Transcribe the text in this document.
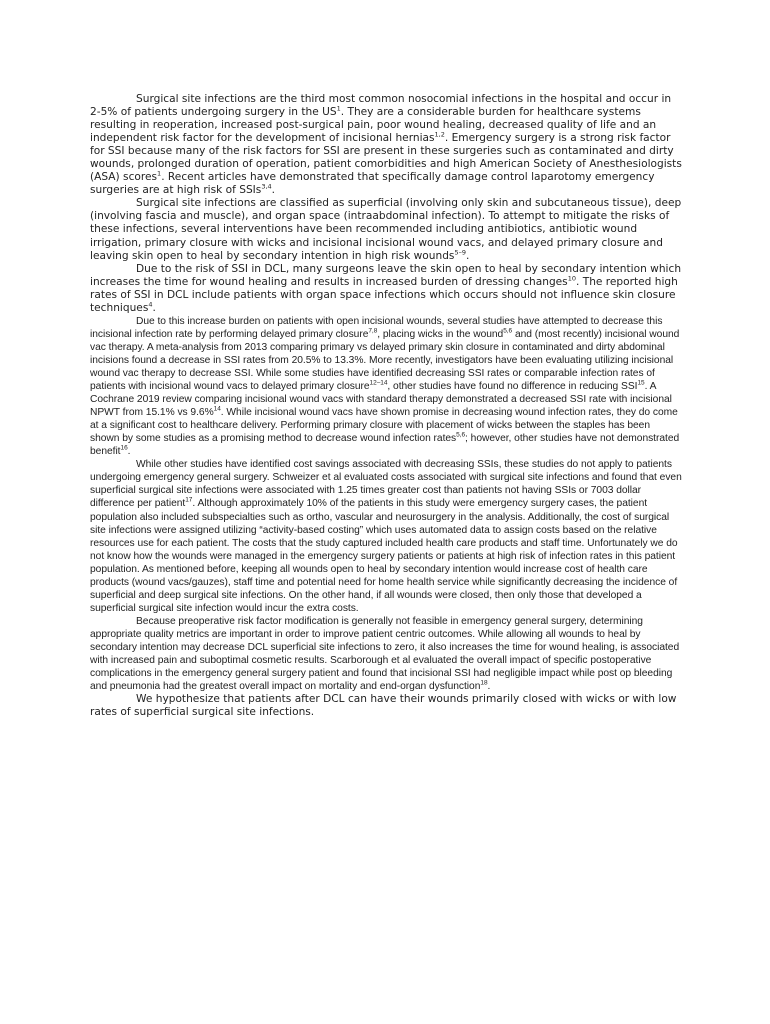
Surgical site infections are the third most common nosocomial infections in the hospital and occur in 2-5% of patients undergoing surgery in the US$^1$. They are a considerable burden for healthcare systems resulting in reoperation, increased post-surgical pain, poor wound healing, decreased quality of life and an independent risk factor for the development of incisional hernias$^{1,2}$. Emergency surgery is a strong risk factor for SSI because many of the risk factors for SSI are present in these surgeries such as contaminated and dirty wounds, prolonged duration of operation, patient comorbidities and high American Society of Anesthesiologists (ASA) scores$^1$. Recent articles have demonstrated that specifically damage control laparotomy emergency surgeries are at high risk of SSIs$^{3,4}$.

Surgical site infections are classified as superficial (involving only skin and subcutaneous tissue), deep (involving fascia and muscle), and organ space (intraabdominal infection). To attempt to mitigate the risks of these infections, several interventions have been recommended including antibiotics, antibiotic wound irrigation, primary closure with wicks and incisional incisional wound vacs, and delayed primary closure and leaving skin open to heal by secondary intention in high risk wounds$^{5-9}$.

Due to the risk of SSI in DCL, many surgeons leave the skin open to heal by secondary intention which increases the time for wound healing and results in increased burden of dressing changes$^{10}$. The reported high rates of SSI in DCL include patients with organ space infections which occurs should not influence skin closure techniques$^4$.

Due to this increase burden on patients with open incisional wounds, several studies have attempted to decrease this incisional infection rate by performing delayed primary closure$^{7,8}$, placing wicks in the wound$^{5,6}$ and (most recently) incisional wound vac therapy. A meta-analysis from 2013 comparing primary vs delayed primary skin closure in contaminated and dirty abdominal incisions found a decrease in SSI rates from 20.5% to 13.3%. More recently, investigators have been evaluating utilizing incisional wound vac therapy to decrease SSI. While some studies have identified decreasing SSI rates or comparable infection rates of patients with incisional wound vacs to delayed primary closure$^{12-14}$, other studies have found no difference in reducing SSI$^{15}$. A Cochrane 2019 review comparing incisional wound vacs with standard therapy demonstrated a decreased SSI rate with incisional NPWT from 15.1% vs 9.6%$^{14}$. While incisional wound vacs have shown promise in decreasing wound infection rates, they do come at a significant cost to healthcare delivery. Performing primary closure with placement of wicks between the staples has been shown by some studies as a promising method to decrease wound infection rates$^{5,6}$; however, other studies have not demonstrated benefit$^{16}$.

While other studies have identified cost savings associated with decreasing SSIs, these studies do not apply to patients undergoing emergency general surgery. Schweizer et al evaluated costs associated with surgical site infections and found that even superficial surgical site infections were associated with 1.25 times greater cost than patients not having SSIs or 7003 dollar difference per patient$^{17}$. Although approximately 10% of the patients in this study were emergency surgery cases, the patient population also included subspecialties such as ortho, vascular and neurosurgery in the analysis. Additionally, the cost of surgical site infections were assigned utilizing “activity-based costing” which uses automated data to assign costs based on the relative resources use for each patient. The costs that the study captured included health care products and staff time. Unfortunately we do not know how the wounds were managed in the emergency surgery patients or patients at high risk of infection rates in this patient population. As mentioned before, keeping all wounds open to heal by secondary intention would increase cost of health care products (wound vacs/gauzes), staff time and potential need for home health service while significantly decreasing the incidence of superficial and deep surgical site infections. On the other hand, if all wounds were closed, then only those that developed a superficial surgical site infection would incur the extra costs.

Because preoperative risk factor modification is generally not feasible in emergency general surgery, determining appropriate quality metrics are important in order to improve patient centric outcomes. While allowing all wounds to heal by secondary intention may decrease DCL superficial site infections to zero, it also increases the time for wound healing, is associated with increased pain and suboptimal cosmetic results. Scarborough et al evaluated the overall impact of specific postoperative complications in the emergency general surgery patient and found that incisional SSI had negligible impact while post op bleeding and pneumonia had the greatest overall impact on mortality and end-organ dysfunction$^{18}$.

We hypothesize that patients after DCL can have their wounds primarily closed with wicks or with low rates of superficial surgical site infections.
